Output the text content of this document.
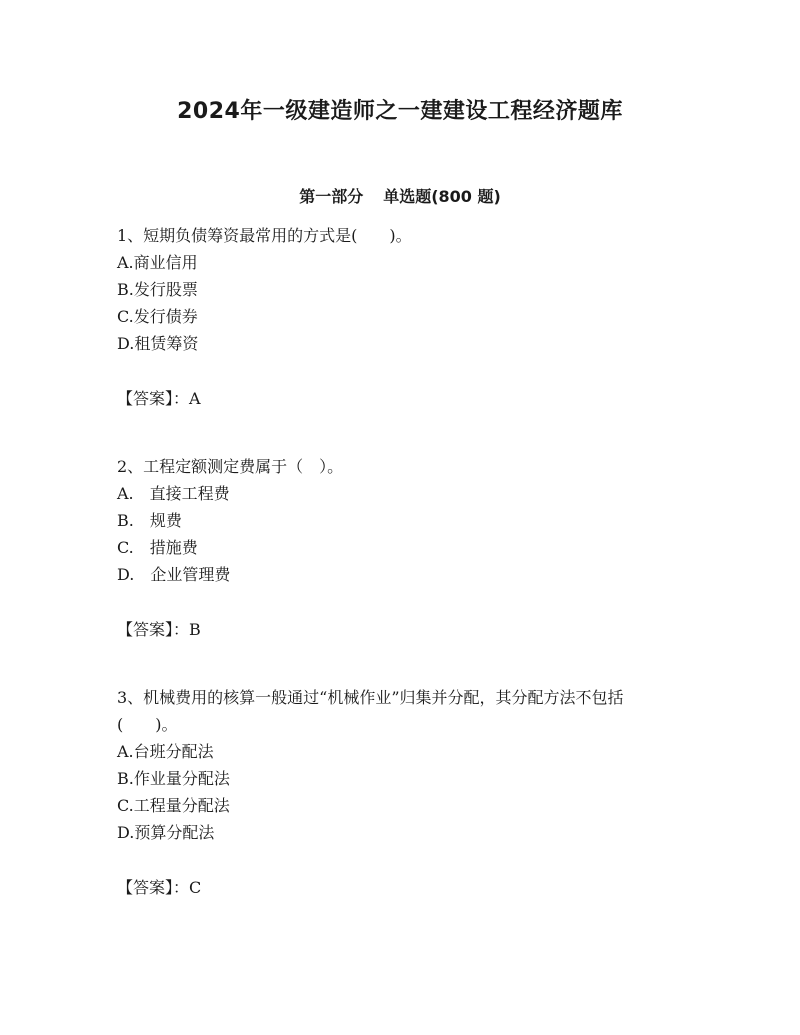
2024年一级建造师之一建建设工程经济题库
第一部分 单选题(800 题)
1、短期负债筹资最常用的方式是(　　)。
A.商业信用
B.发行股票
C.发行债券
D.租赁筹资
【答案】：A
2、工程定额测定费属于（　）。
A.　直接工程费
B.　规费
C.　措施费
D.　企业管理费
【答案】：B
3、机械费用的核算一般通过“机械作业”归集并分配，其分配方法不包括(　　)。
A.台班分配法
B.作业量分配法
C.工程量分配法
D.预算分配法
【答案】：C
